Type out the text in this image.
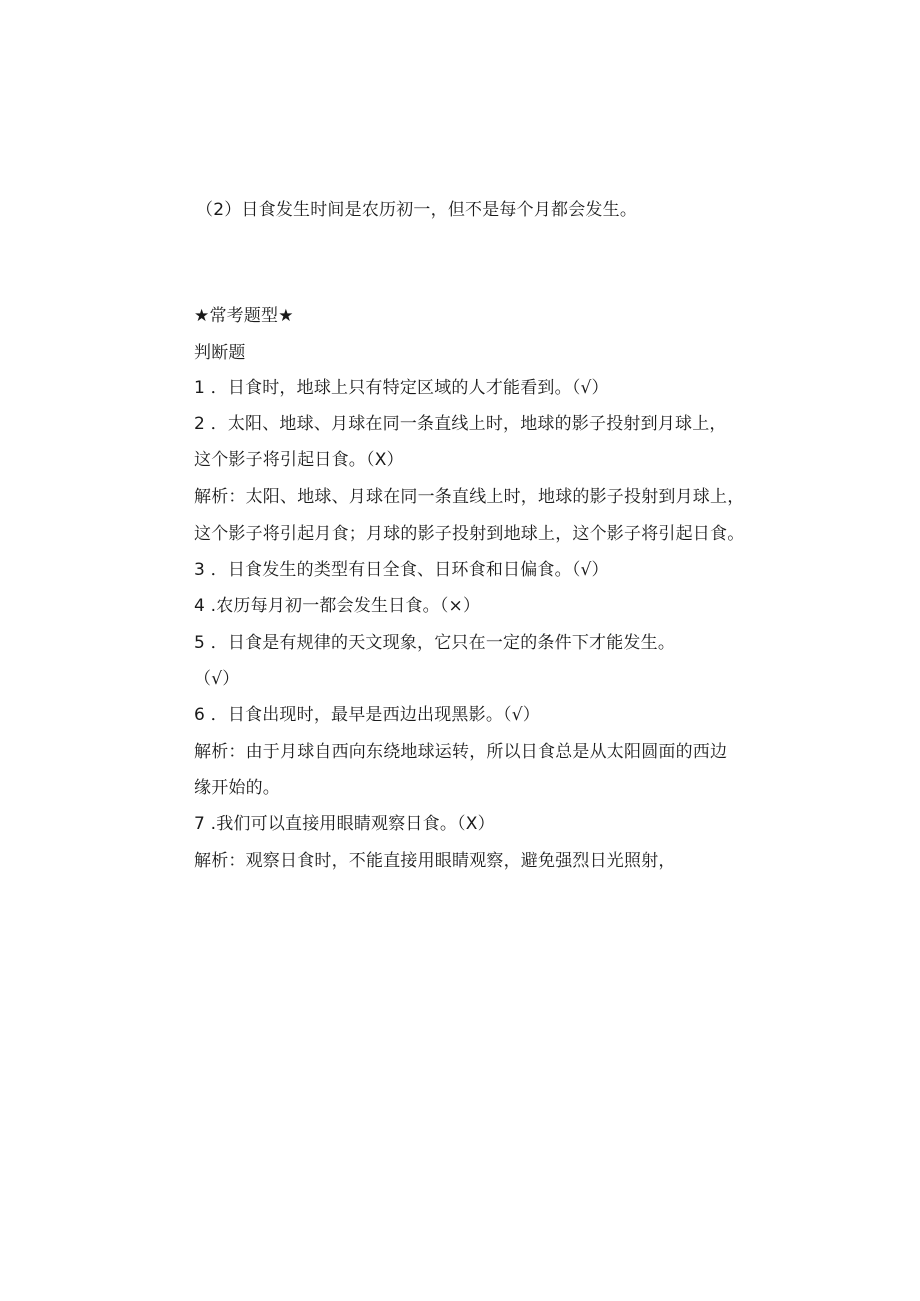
（2）日食发生时间是农历初一，但不是每个月都会发生。
★常考题型★
判断题
1 ．日食时，地球上只有特定区域的人才能看到。（√）
2 ．太阳、地球、月球在同一条直线上时，地球的影子投射到月球上，
这个影子将引起日食。（X）
解析：太阳、地球、月球在同一条直线上时，地球的影子投射到月球上，
这个影子将引起月食；月球的影子投射到地球上，这个影子将引起日食。
3 ．日食发生的类型有日全食、日环食和日偏食。（√）
4 .农历每月初一都会发生日食。（×）
5 ．日食是有规律的天文现象，它只在一定的条件下才能发生。
（√）
6 ．日食出现时，最早是西边出现黑影。（√）
解析：由于月球自西向东绕地球运转，所以日食总是从太阳圆面的西边
缘开始的。
7 .我们可以直接用眼睛观察日食。（X）
解析：观察日食时，不能直接用眼睛观察，避免强烈日光照射，
